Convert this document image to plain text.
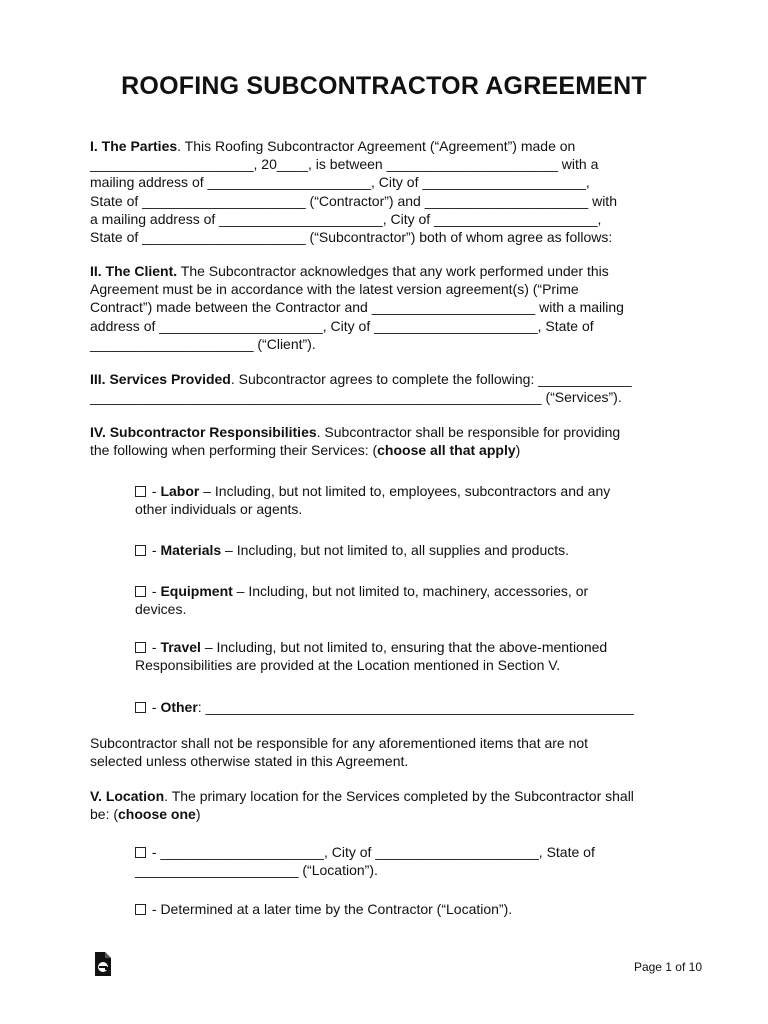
ROOFING SUBCONTRACTOR AGREEMENT
I. The Parties. This Roofing Subcontractor Agreement (“Agreement”) made on
_____________________, 20____, is between ______________________ with a
mailing address of _____________________, City of _____________________,
State of _____________________ (“Contractor”) and _____________________ with
a mailing address of _____________________, City of _____________________,
State of _____________________ (“Subcontractor”) both of whom agree as follows:
II. The Client. The Subcontractor acknowledges that any work performed under this
Agreement must be in accordance with the latest version agreement(s) (“Prime
Contract”) made between the Contractor and _____________________ with a mailing
address of _____________________, City of _____________________, State of
_____________________ (“Client”).
III. Services Provided. Subcontractor agrees to complete the following: ____________
__________________________________________________________ (“Services”).
IV. Subcontractor Responsibilities. Subcontractor shall be responsible for providing
the following when performing their Services: (choose all that apply)
- Labor – Including, but not limited to, employees, subcontractors and any
other individuals or agents.
- Materials – Including, but not limited to, all supplies and products.
- Equipment – Including, but not limited to, machinery, accessories, or
devices.
- Travel – Including, but not limited to, ensuring that the above-mentioned
Responsibilities are provided at the Location mentioned in Section V.
- Other: _______________________________________________________
Subcontractor shall not be responsible for any aforementioned items that are not
selected unless otherwise stated in this Agreement.
V. Location. The primary location for the Services completed by the Subcontractor shall
be: (choose one)
- _____________________, City of _____________________, State of
_____________________ (“Location”).
- Determined at a later time by the Contractor (“Location”).
Page 1 of 10
